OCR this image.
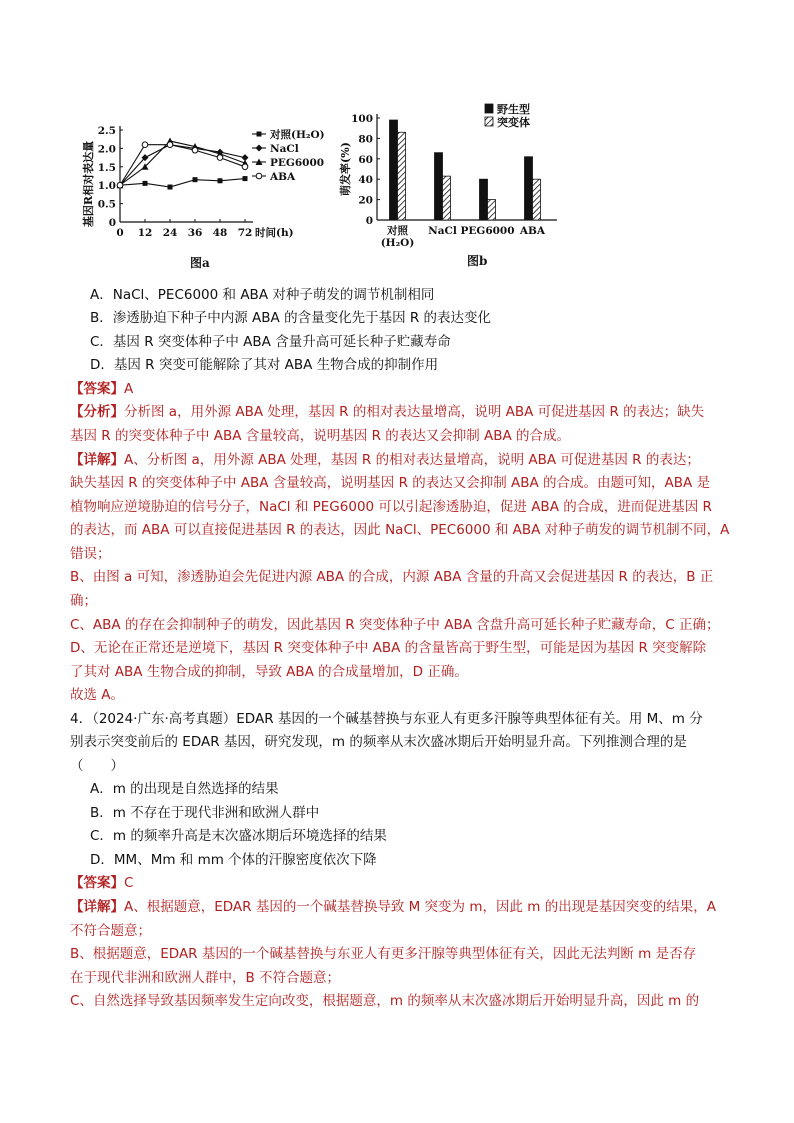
0
0.5
1.0
1.5
2.0
2.5
0 12 24 36 48 72 时间(h)
基因R相对表达量
对照(H₂O)
NaCl
PEG6000
ABA
图a
0
20
40
60
80
100
萌发率(%)
对照 NaCl PEG6000 ABA
(H₂O)
野生型
突变体
图b
A．NaCl、PEC6000 和 ABA 对种子萌发的调节机制相同
B．渗透胁迫下种子中内源 ABA 的含量变化先于基因 R 的表达变化
C．基因 R 突变体种子中 ABA 含量升高可延长种子贮藏寿命
D．基因 R 突变可能解除了其对 ABA 生物合成的抑制作用
【答案】A
【分析】分析图 a，用外源 ABA 处理，基因 R 的相对表达量增高，说明 ABA 可促进基因 R 的表达；缺失
基因 R 的突变体种子中 ABA 含量较高，说明基因 R 的表达又会抑制 ABA 的合成。
【详解】A、分析图 a，用外源 ABA 处理，基因 R 的相对表达量增高，说明 ABA 可促进基因 R 的表达；
缺失基因 R 的突变体种子中 ABA 含量较高，说明基因 R 的表达又会抑制 ABA 的合成。由题可知，ABA 是
植物响应逆境胁迫的信号分子，NaCl 和 PEG6000 可以引起渗透胁迫，促进 ABA 的合成，进而促进基因 R
的表达，而 ABA 可以直接促进基因 R 的表达，因此 NaCl、PEC6000 和 ABA 对种子萌发的调节机制不同，A
错误；
B、由图 a 可知，渗透胁迫会先促进内源 ABA 的合成，内源 ABA 含量的升高又会促进基因 R 的表达，B 正
确；
C、ABA 的存在会抑制种子的萌发，因此基因 R 突变体种子中 ABA 含盘升高可延长种子贮藏寿命，C 正确；
D、无论在正常还是逆境下，基因 R 突变体种子中 ABA 的含量皆高于野生型，可能是因为基因 R 突变解除
了其对 ABA 生物合成的抑制，导致 ABA 的合成量增加，D 正确。
故选 A。
4．（2024·广东·高考真题）EDAR 基因的一个碱基替换与东亚人有更多汗腺等典型体征有关。用 M、m 分
别表示突变前后的 EDAR 基因，研究发现，m 的频率从末次盛冰期后开始明显升高。下列推测合理的是
（　　）
A．m 的出现是自然选择的结果
B．m 不存在于现代非洲和欧洲人群中
C．m 的频率升高是末次盛冰期后环境选择的结果
D．MM、Mm 和 mm 个体的汗腺密度依次下降
【答案】C
【详解】A、根据题意，EDAR 基因的一个碱基替换导致 M 突变为 m，因此 m 的出现是基因突变的结果，A
不符合题意；
B、根据题意，EDAR 基因的一个碱基替换与东亚人有更多汗腺等典型体征有关，因此无法判断 m 是否存
在于现代非洲和欧洲人群中，B 不符合题意；
C、自然选择导致基因频率发生定向改变，根据题意，m 的频率从末次盛冰期后开始明显升高，因此 m 的
